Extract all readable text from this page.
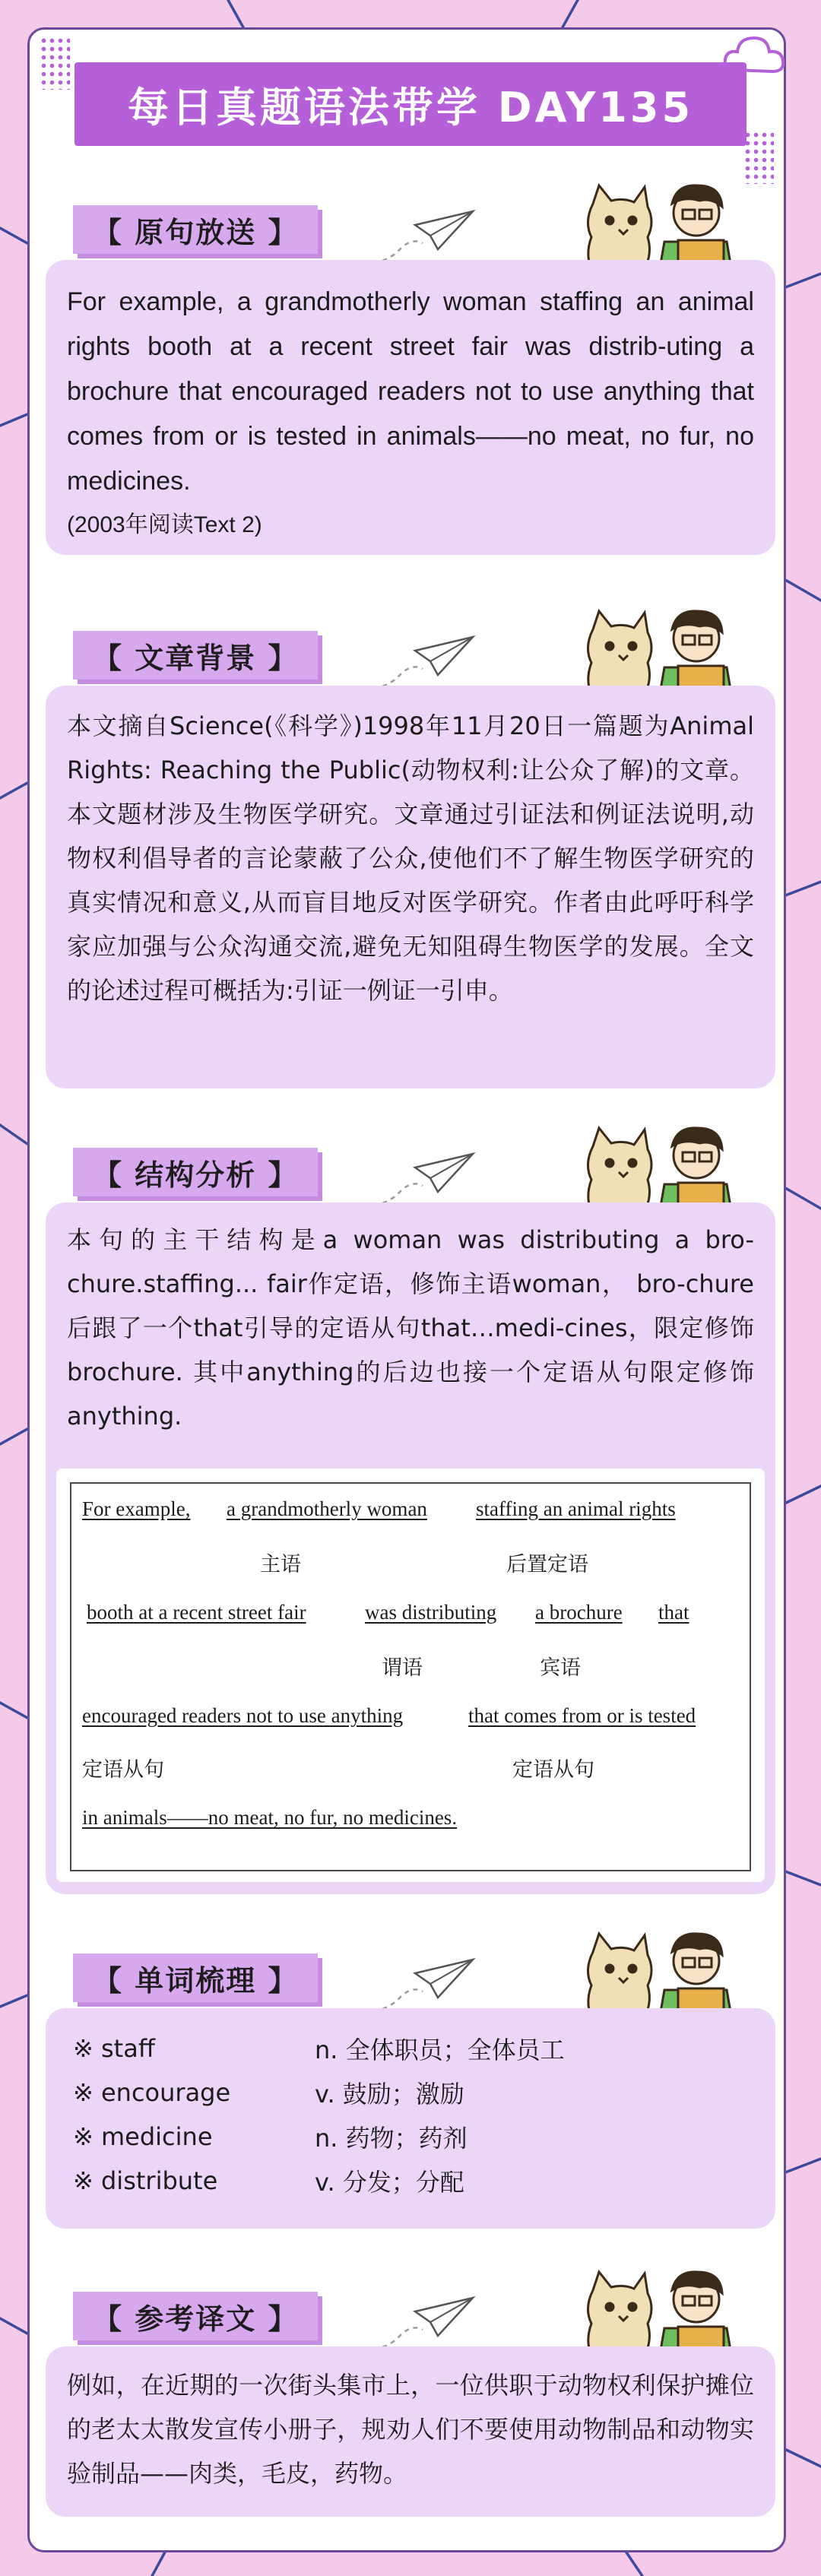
每日真题语法带学 DAY135
【 原句放送 】

For example, a grandmotherly woman staffing an animal rights booth at a recent street fair was distrib-uting a brochure that encouraged readers not to use anything that comes from or is tested in animals——no meat, no fur, no medicines.

(2003年阅读Text 2)

【 文章背景 】

本文摘自Science(《科学》)1998年11月20日一篇题为Animal Rights: Reaching the Public(动物权利:让公众了解)的文章。本文题材涉及生物医学研究。文章通过引证法和例证法说明,动物权利倡导者的言论蒙蔽了公众,使他们不了解生物医学研究的真实情况和意义,从而盲目地反对医学研究。作者由此呼吁科学家应加强与公众沟通交流,避免无知阻碍生物医学的发展。全文的论述过程可概括为:引证一例证一引申。

【 结构分析 】

本句的主干结构是a woman was distributing a bro-chure.staffing... fair作定语，修饰主语woman， bro-chure后跟了一个that引导的定语从句that…medi-cines，限定修饰brochure. 其中anything的后边也接一个定语从句限定修饰anything.

For example, a grandmotherly woman staffing an animal rights
主语	后置定语
booth at a recent street fair	was distributing a brochure that
谓语	宾语
encouraged readers not to use anything	that comes from or is tested
定语从句	定语从句
in animals——no meat, no fur, no medicines.
【 单词梳理 】
※ staff	n. 全体职员；全体员工
※ encourage	v. 鼓励；激励
※ medicine	n. 药物；药剂
※ distribute	v. 分发；分配
【 参考译文 】

例如，在近期的一次街头集市上，一位供职于动物权利保护摊位的老太太散发宣传小册子，规劝人们不要使用动物制品和动物实验制品——肉类，毛皮，药物。
